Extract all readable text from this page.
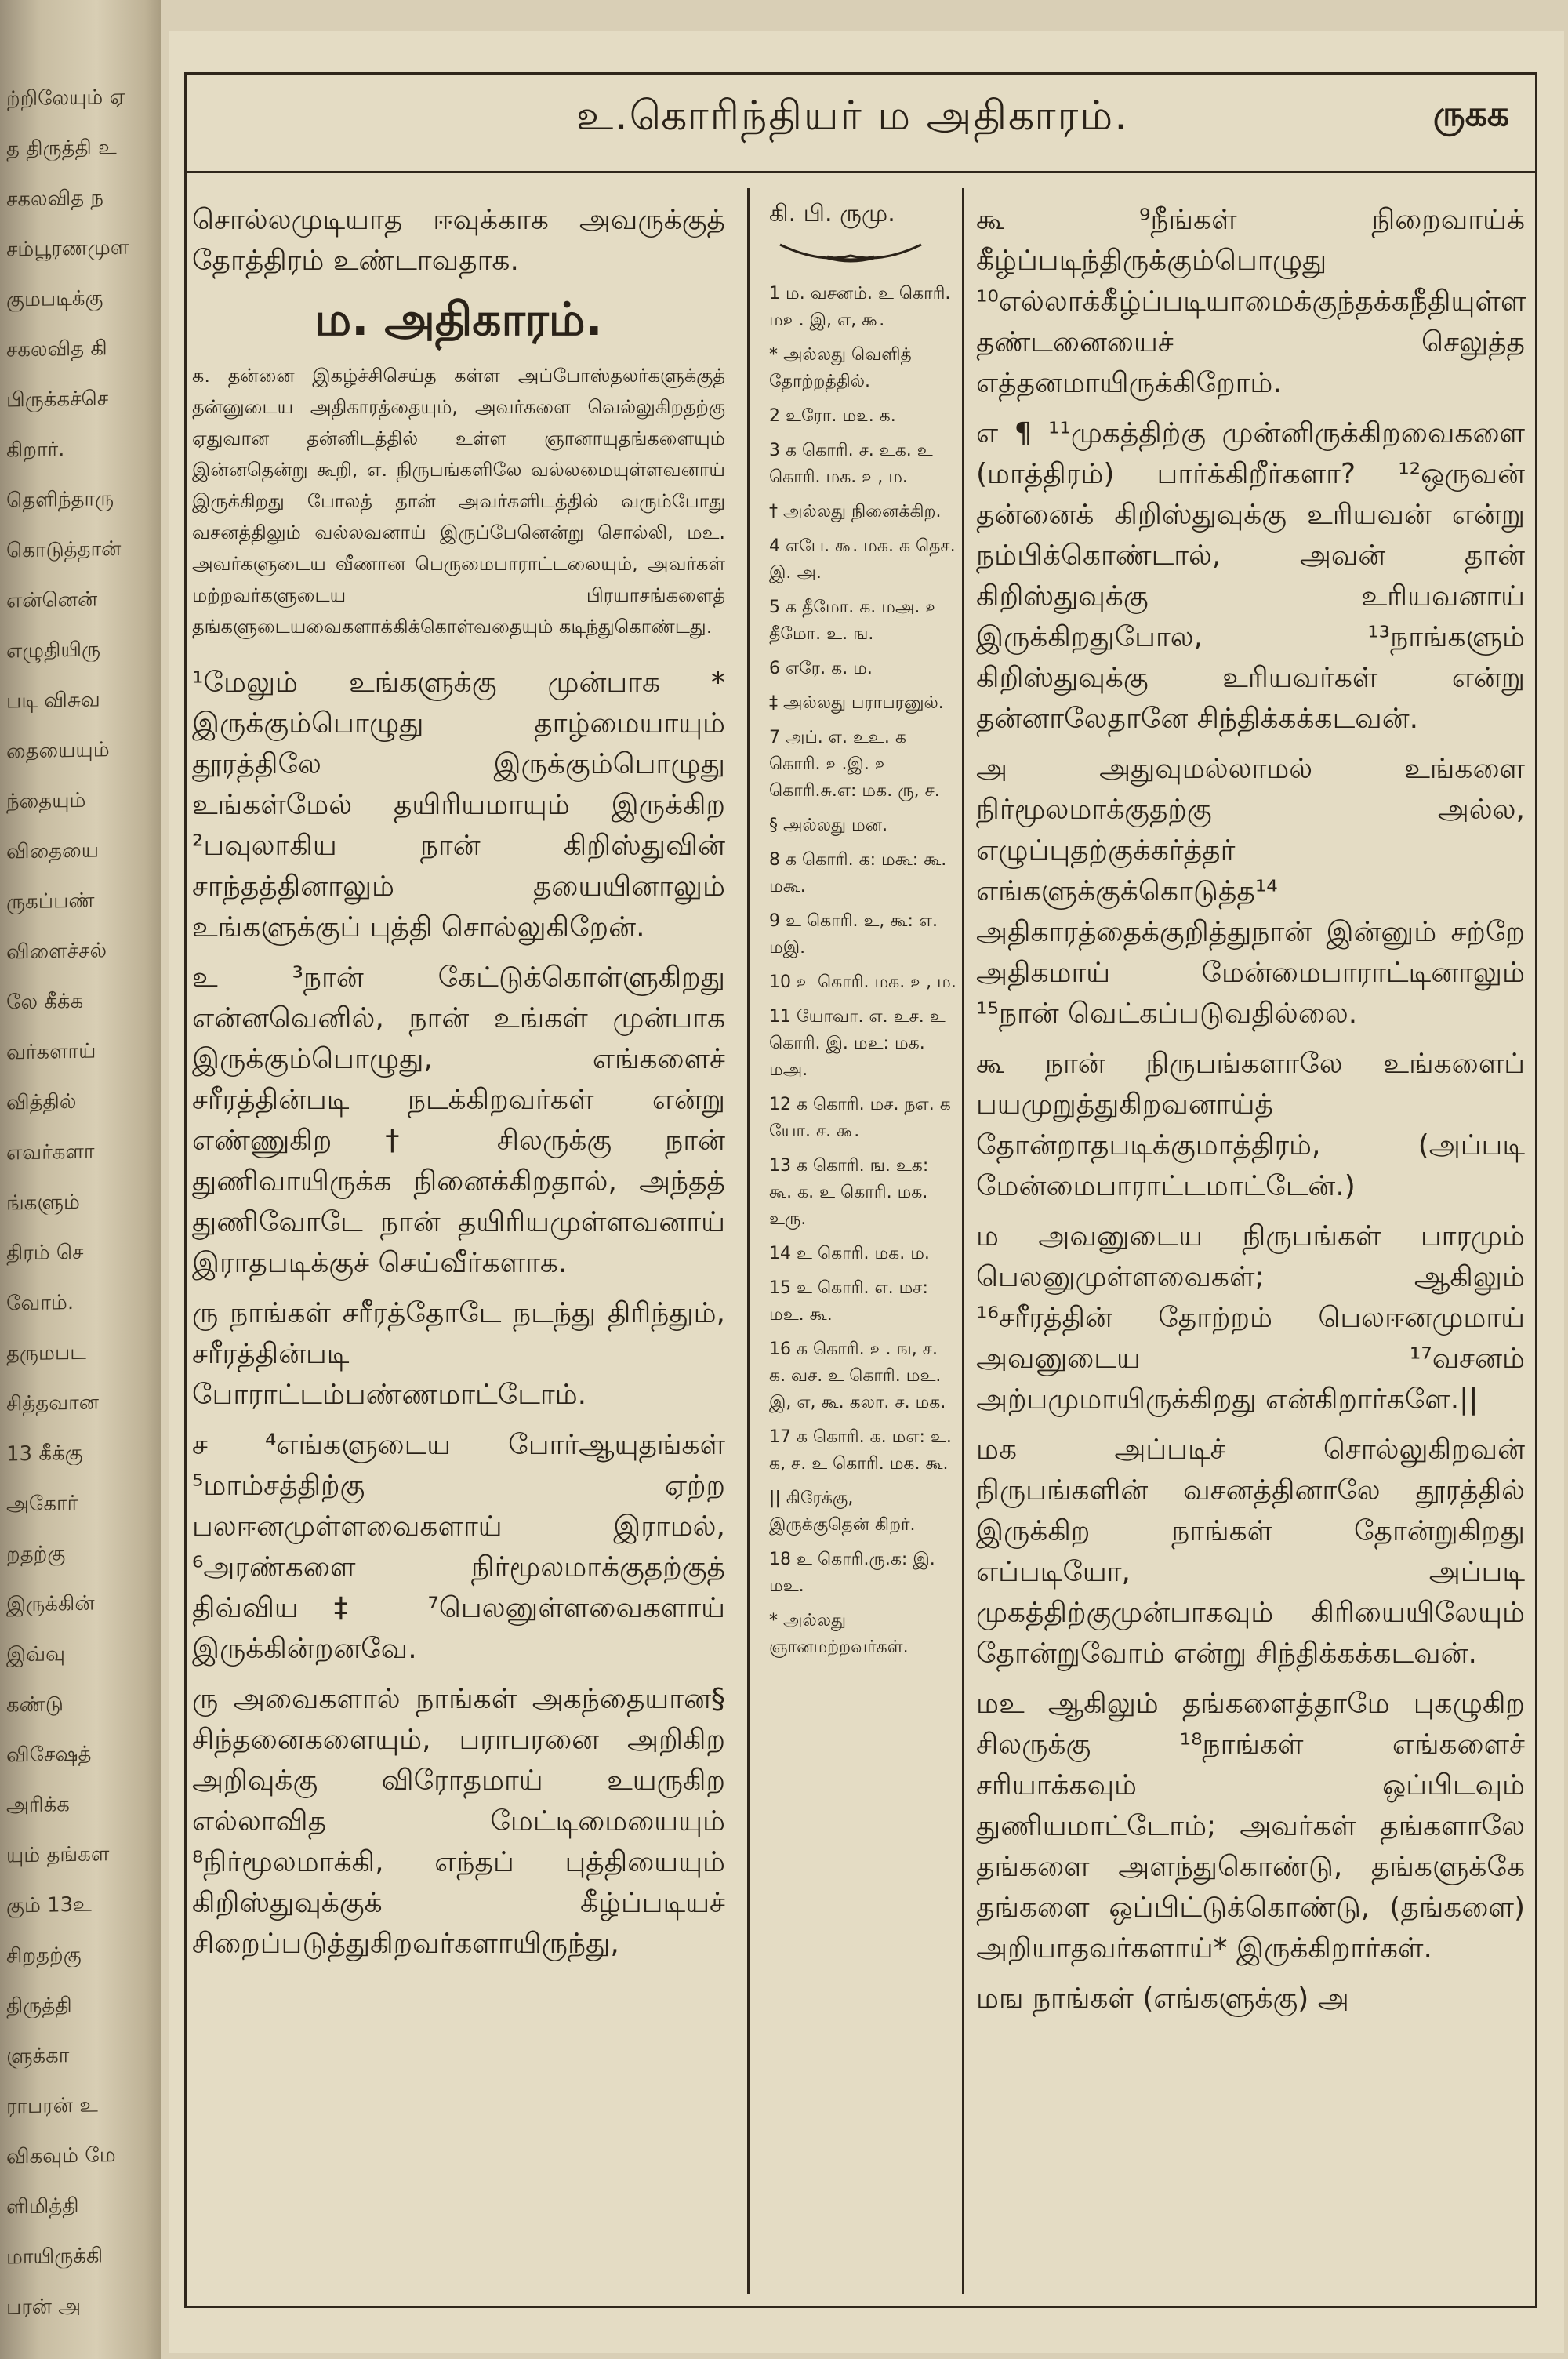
ற்றிலேயும் ஏ
த திருத்தி உ
சகலவித ந
சம்பூரணமுள
குமபடிக்கு
சகலவித கி
பிருக்கச்செ
கிறார்.
தெளிந்தாரு
கொடுத்தான்
என்னென்
எழுதியிரு
படி விசுவ
தையையும்
ந்தையும்
விதையை
ருகப்பண்
விளைச்சல்
லே கீக்க
வர்களாய்
வித்தில்
எவர்களா
ங்களும்
திரம் செ
வோம்.
தருமபட
சித்தவான
13 கீக்கு
அகோர்
றதற்கு
இருக்கின்
இவ்வு
கண்டு
விசேஷத்
அரிக்க
யும் தங்கள
கும் 13உ
சிறதற்கு
திருத்தி
ளுக்கா
ராபரன் உ
விகவும் மே
ளிமித்தி
மாயிருக்கி
பரன் அ
உ.கொரிந்தியர் ம அதிகாரம்.	ருகக

சொல்லமுடியாத ஈவுக்காக அவருக்குத் தோத்திரம் உண்டாவதாக.

ம. அதிகாரம்.

க. தன்னை இகழ்ச்சிசெய்த கள்ள அப்போஸ்தலர்களுக்குத் தன்னுடைய அதிகாரத்தையும், அவர்களை வெல்லுகிறதற்கு ஏதுவான தன்னிடத்தில் உள்ள ஞானாயுதங்களையும் இன்னதென்று கூறி, எ. நிருபங்களிலே வல்லமையுள்ளவனாய் இருக்கிறது போலத் தான் அவர்களிடத்தில் வரும்போது வசனத்திலும் வல்லவனாய் இருப்பேனென்று சொல்லி, மஉ. அவர்களுடைய வீணான பெருமைபாராட்டலையும், அவர்கள் மற்றவர்களுடைய பிரயாசங்களைத் தங்களுடையவைகளாக்கிக்கொள்வதையும் கடிந்துகொண்டது.

¹மேலும் உங்களுக்கு முன்பாக * இருக்கும்பொழுது தாழ்மையாயும் தூரத்திலே இருக்கும்பொழுது உங்கள்மேல் தயிரியமாயும் இருக்கிற ²பவுலாகிய நான் கிறிஸ்துவின் சாந்தத்தினாலும் தயையினாலும் உங்களுக்குப் புத்தி சொல்லுகிறேன்.

உ ³நான் கேட்டுக்கொள்ளுகிறது என்னவெனில், நான் உங்கள் முன்பாக இருக்கும்பொழுது, எங்களைச் சரீரத்தின்படி நடக்கிறவர்கள் என்று எண்ணுகிற † சிலருக்கு நான் துணிவாயிருக்க நினைக்கிறதால், அந்தத் துணிவோடே நான் தயிரியமுள்ளவனாய் இராதபடிக்குச் செய்வீர்களாக.

ரு நாங்கள் சரீரத்தோடே நடந்து திரிந்தும், சரீரத்தின்படி போராட்டம்பண்ணமாட்டோம்.

ச ⁴எங்களுடைய போர்ஆயுதங்கள் ⁵மாம்சத்திற்கு ஏற்ற பலஈனமுள்ளவைகளாய் இராமல், ⁶அரண்களை நிர்மூலமாக்குதற்குத் திவ்விய‡ ⁷பெலனுள்ளவைகளாய் இருக்கின்றனவே.

ரு அவைகளால் நாங்கள் அகந்தையான§ சிந்தனைகளையும், பராபரனை அறிகிற அறிவுக்கு விரோதமாய் உயருகிற எல்லாவித மேட்டிமையையும் ⁸நிர்மூலமாக்கி, எந்தப் புத்தியையும் கிறிஸ்துவுக்குக் கீழ்ப்படியச் சிறைப்படுத்துகிறவர்களாயிருந்து,

கி. பி. ருமு.
1 ம. வசனம். உ கொரி. மஉ. இ, எ, கூ.
* அல்லது வெளித் தோற்றத்தில்.
2 உரோ. ம௨. க.
3 க கொரி. ச. உக. உ கொரி. மக. உ, ம.
† அல்லது நினைக்கிற.
4 எபே. கூ. மக. க தெச. இ. அ.
5 க தீமோ. க. மஅ. உ தீமோ. உ. ங.
6 எரே. க. ம.
‡ அல்லது பராபரனுல்.
7 அப். எ. உஉ. க கொரி. உ.இ. உ கொரி.சு.எ: மக. ரு, ச.
§ அல்லது மன.
8 க கொரி. க: மகூ: கூ. மகூ.
9 உ கொரி. உ, கூ: எ. மஇ.
10 உ கொரி. மக. உ, ம.
11 யோவா. எ. உச. உ கொரி. இ. மஉ: மக. மஅ.
12 க கொரி. மச. நஎ. க யோ. ச. கூ.
13 க கொரி. ங. உக: கூ. க. உ கொரி. மக. உரு.
14 உ கொரி. மக. ம.
15 உ கொரி. எ. மச: மஉ. கூ.
16 க கொரி. உ. ங, ச. க. வச. உ கொரி. மஉ. இ, எ, கூ. கலா. ச. மக.
17 க கொரி. க. மஎ: உ. க, ச. உ கொரி. மக. கூ.
|| கிரேக்கு, இருக்குதென் கிறர்.
18 உ கொரி.ரு.க: இ. மஉ.
* அல்லது ஞானமற்றவர்கள்.

கூ ⁹நீங்கள் நிறைவாய்க் கீழ்ப்படிந்திருக்கும்பொழுது ¹⁰எல்லாக்கீழ்ப்படியாமைக்குந்தக்கநீதியுள்ள தண்டனையைச் செலுத்த எத்தனமாயிருக்கிறோம்.

எ ¶ ¹¹முகத்திற்கு முன்னிருக்கிறவைகளை (மாத்திரம்) பார்க்கிறீர்களா? ¹²ஒருவன் தன்னைக் கிறிஸ்துவுக்கு உரியவன் என்று நம்பிக்கொண்டால், அவன் தான் கிறிஸ்துவுக்கு உரியவனாய் இருக்கிறதுபோல, ¹³நாங்களும் கிறிஸ்துவுக்கு உரியவர்கள் என்று தன்னாலேதானே சிந்திக்கக்கடவன்.

அ அதுவுமல்லாமல் உங்களை நிர்மூலமாக்குதற்கு அல்ல, எழுப்புதற்குக்கர்த்தர் எங்களுக்குக்கொடுத்த¹⁴ அதிகாரத்தைக்குறித்துநான் இன்னும் சற்றே அதிகமாய் மேன்மைபாராட்டினாலும் ¹⁵நான் வெட்கப்படுவதில்லை.

கூ நான் நிருபங்களாலே உங்களைப் பயமுறுத்துகிறவனாய்த் தோன்றாதபடிக்குமாத்திரம், (அப்படி மேன்மைபாராட்டமாட்டேன்.)

ம அவனுடைய நிருபங்கள் பாரமும் பெலனுமுள்ளவைகள்; ஆகிலும் ¹⁶சரீரத்தின் தோற்றம் பெலஈனமுமாய் அவனுடைய ¹⁷வசனம் அற்பமுமாயிருக்கிறது என்கிறார்களே.||

மக அப்படிச் சொல்லுகிறவன் நிருபங்களின் வசனத்தினாலே தூரத்தில் இருக்கிற நாங்கள் தோன்றுகிறது எப்படியோ, அப்படி முகத்திற்குமுன்பாகவும் கிரியையிலேயும் தோன்றுவோம் என்று சிந்திக்கக்கடவன்.

மஉ ஆகிலும் தங்களைத்தாமே புகழுகிற சிலருக்கு ¹⁸நாங்கள் எங்களைச் சரியாக்கவும் ஒப்பிடவும் துணியமாட்டோம்; அவர்கள் தங்களாலே தங்களை அளந்துகொண்டு, தங்களுக்கே தங்களை ஒப்பிட்டுக்கொண்டு, (தங்களை) அறியாதவர்களாய்* இருக்கிறார்கள்.

மங நாங்கள் (எங்களுக்கு) அ
